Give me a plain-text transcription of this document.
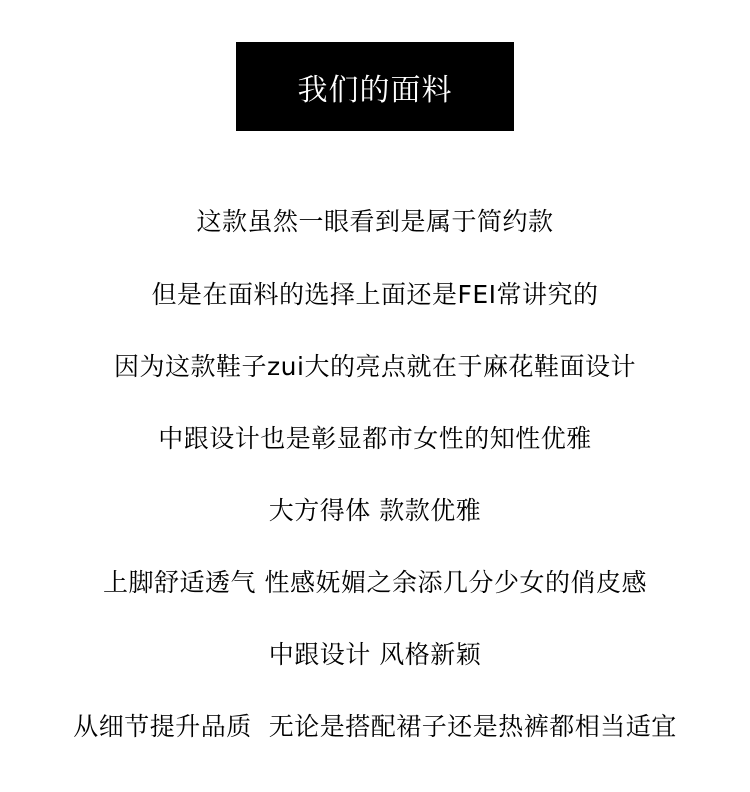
我们的面料
这款虽然一眼看到是属于简约款
但是在面料的选择上面还是FEI常讲究的
因为这款鞋子zui大的亮点就在于麻花鞋面设计
中跟设计也是彰显都市女性的知性优雅
大方得体 款款优雅
上脚舒适透气 性感妩媚之余添几分少女的俏皮感
中跟设计 风格新颖
从细节提升品质  无论是搭配裙子还是热裤都相当适宜
